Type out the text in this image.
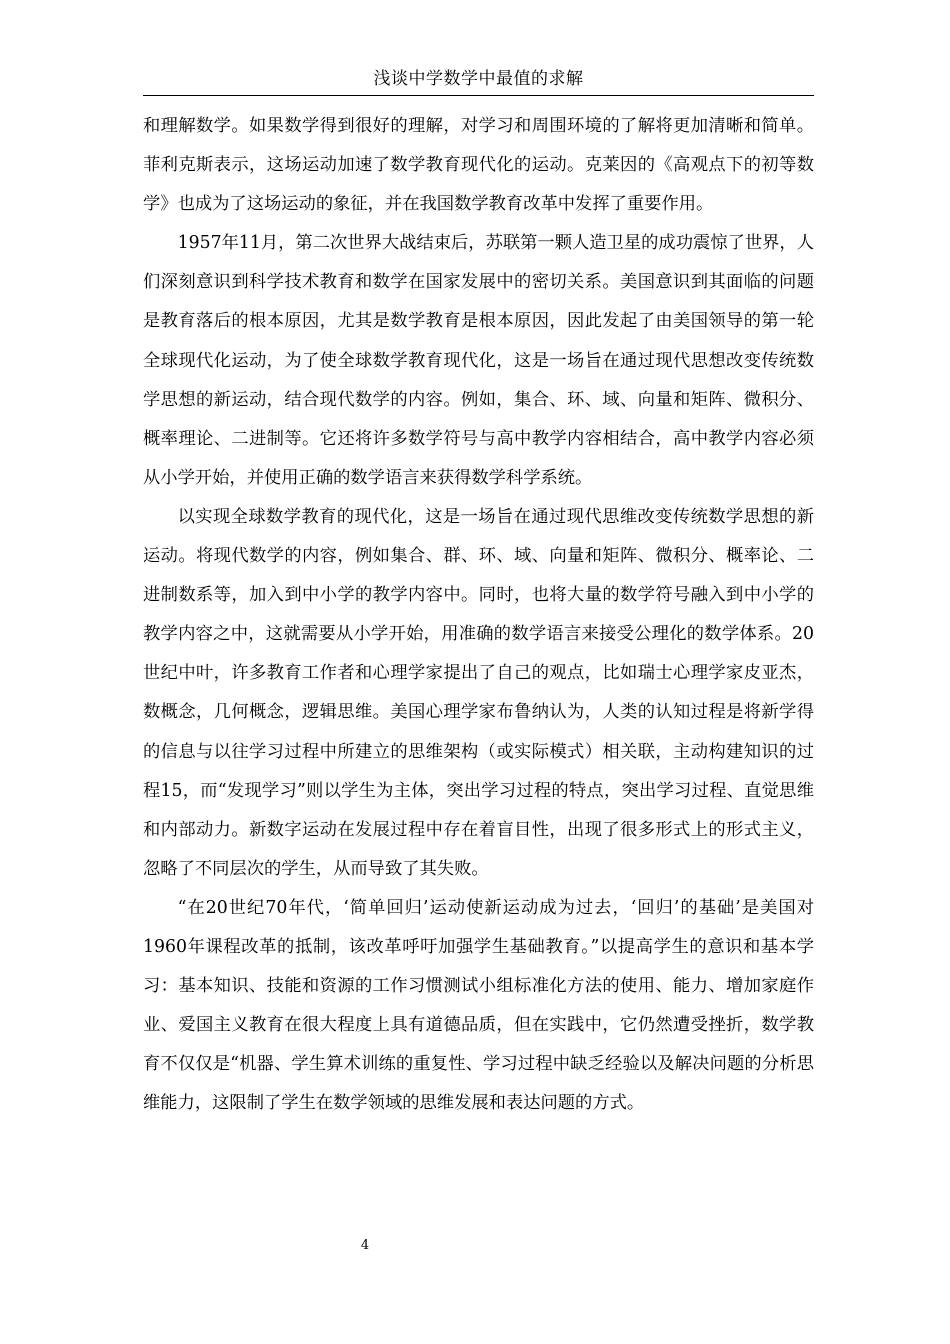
浅谈中学数学中最值的求解

和理解数学。如果数学得到很好的理解，对学习和周围环境的了解将更加清晰和简单。菲利克斯表示，这场运动加速了数学教育现代化的运动。克莱因的《高观点下的初等数学》也成为了这场运动的象征，并在我国数学教育改革中发挥了重要作用。

1957年11月，第二次世界大战结束后，苏联第一颗人造卫星的成功震惊了世界，人们深刻意识到科学技术教育和数学在国家发展中的密切关系。美国意识到其面临的问题是教育落后的根本原因，尤其是数学教育是根本原因，因此发起了由美国领导的第一轮全球现代化运动，为了使全球数学教育现代化，这是一场旨在通过现代思想改变传统数学思想的新运动，结合现代数学的内容。例如，集合、环、域、向量和矩阵、微积分、概率理论、二进制等。它还将许多数学符号与高中教学内容相结合，高中教学内容必须从小学开始，并使用正确的数学语言来获得数学科学系统。

以实现全球数学教育的现代化，这是一场旨在通过现代思维改变传统数学思想的新运动。将现代数学的内容，例如集合、群、环、域、向量和矩阵、微积分、概率论、二进制数系等，加入到中小学的教学内容中。同时，也将大量的数学符号融入到中小学的教学内容之中，这就需要从小学开始，用准确的数学语言来接受公理化的数学体系。20世纪中叶，许多教育工作者和心理学家提出了自己的观点，比如瑞士心理学家皮亚杰，数概念，几何概念，逻辑思维。美国心理学家布鲁纳认为，人类的认知过程是将新学得的信息与以往学习过程中所建立的思维架构（或实际模式）相关联，主动构建知识的过程15，而“发现学习”则以学生为主体，突出学习过程的特点，突出学习过程、直觉思维和内部动力。新数字运动在发展过程中存在着盲目性，出现了很多形式上的形式主义，忽略了不同层次的学生，从而导致了其失败。

“在20世纪70年代，‘简单回归’运动使新运动成为过去，‘回归’的基础’是美国对1960年课程改革的抵制，该改革呼吁加强学生基础教育。”以提高学生的意识和基本学习：基本知识、技能和资源的工作习惯测试小组标准化方法的使用、能力、增加家庭作业、爱国主义教育在很大程度上具有道德品质，但在实践中，它仍然遭受挫折，数学教育不仅仅是“机器、学生算术训练的重复性、学习过程中缺乏经验以及解决问题的分析思维能力，这限制了学生在数学领域的思维发展和表达问题的方式。

4
